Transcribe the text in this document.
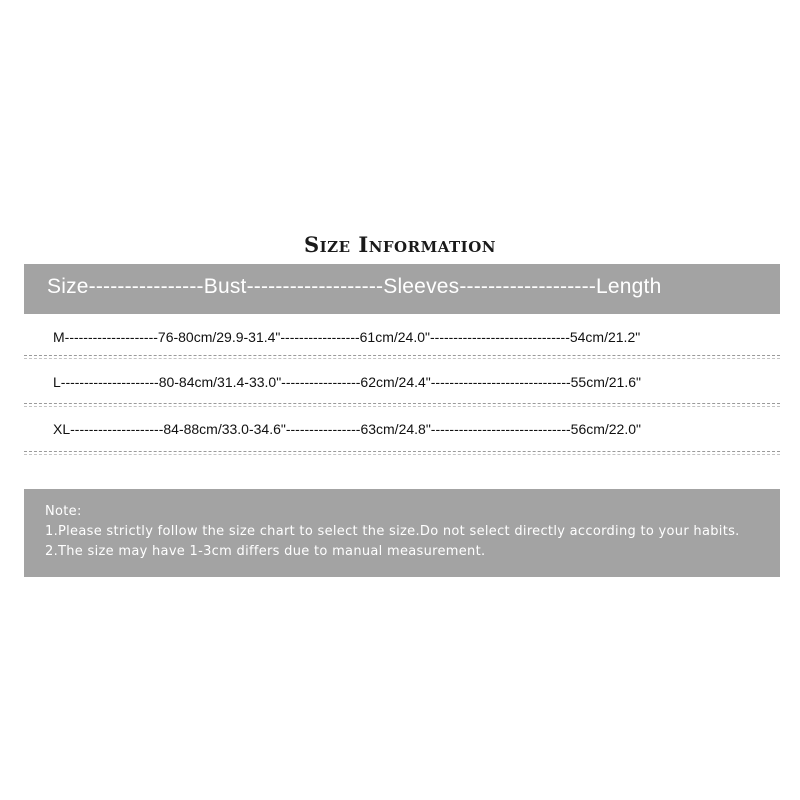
Size Information
Size----------------Bust-------------------Sleeves-------------------Length
M--------------------76-80cm/29.9-31.4"-----------------61cm/24.0"------------------------------54cm/21.2"
L---------------------80-84cm/31.4-33.0"-----------------62cm/24.4"------------------------------55cm/21.6"
XL--------------------84-88cm/33.0-34.6"----------------63cm/24.8"------------------------------56cm/22.0"
Note:
1.Please strictly follow the size chart to select the size.Do not select directly according to your habits.
2.The size may have 1-3cm differs due to manual measurement.
